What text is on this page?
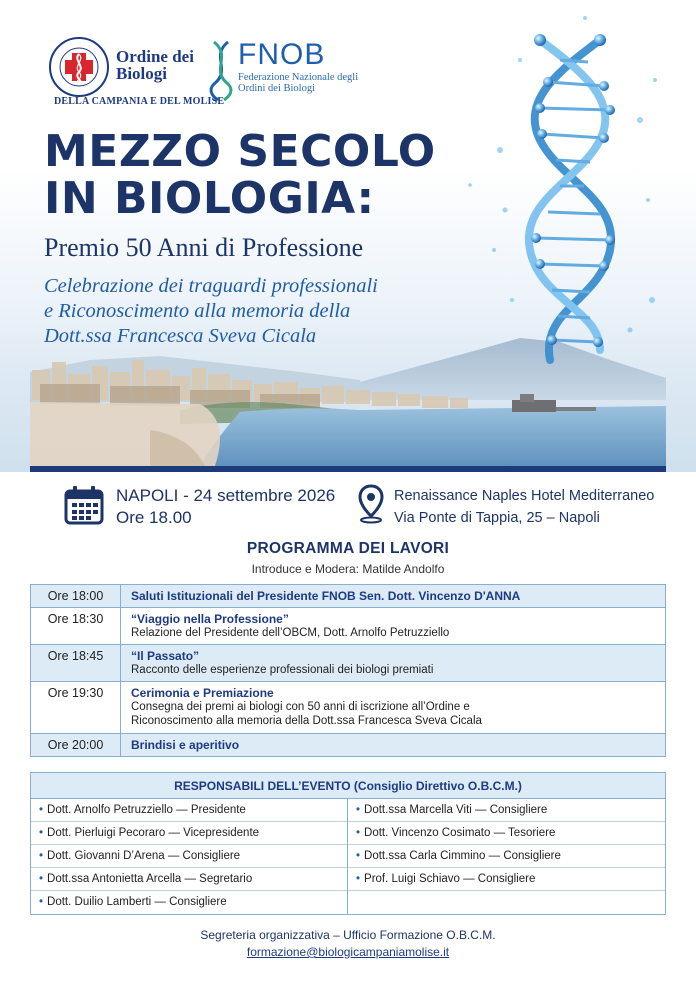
Ordine dei Biologi
DELLA CAMPANIA E DEL MOLISE
FNOB
Federazione Nazionale degli Ordini dei Biologi
MEZZO SECOLO
IN BIOLOGIA:
Premio 50 Anni di Professione
Celebrazione dei traguardi professionali
e Riconoscimento alla memoria della
Dott.ssa Francesca Sveva Cicala
NAPOLI - 24 settembre 2026
Ore 18.00
Renaissance Naples Hotel Mediterraneo
Via Ponte di Tappia, 25 – Napoli
PROGRAMMA DEI LAVORI
Introduce e Modera: Matilde Andolfo
Ore 18:00	Saluti Istituzionali del Presidente FNOB Sen. Dott. Vincenzo D'ANNA
Ore 18:30	“Viaggio nella Professione”
Relazione del Presidente dell’OBCM, Dott. Arnolfo Petruzziello
Ore 18:45	“Il Passato”
Racconto delle esperienze professionali dei biologi premiati
Ore 19:30	Cerimonia e Premiazione
Consegna dei premi ai biologi con 50 anni di iscrizione all’Ordine e
Riconoscimento alla memoria della Dott.ssa Francesca Sveva Cicala
Ore 20:00	Brindisi e aperitivo
RESPONSABILI DELL’EVENTO (Consiglio Direttivo O.B.C.M.)
• Dott. Arnolfo Petruzziello — Presidente
• Dott. Pierluigi Pecoraro — Vicepresidente
• Dott. Giovanni D’Arena — Consigliere
• Dott.ssa Antonietta Arcella — Segretario
• Dott. Duilio Lamberti — Consigliere
• Dott.ssa Marcella Viti — Consigliere
• Dott. Vincenzo Cosimato — Tesoriere
• Dott.ssa Carla Cimmino — Consigliere
• Prof. Luigi Schiavo — Consigliere
Segreteria organizzativa – Ufficio Formazione O.B.C.M.
formazione@biologicampaniamolise.it
